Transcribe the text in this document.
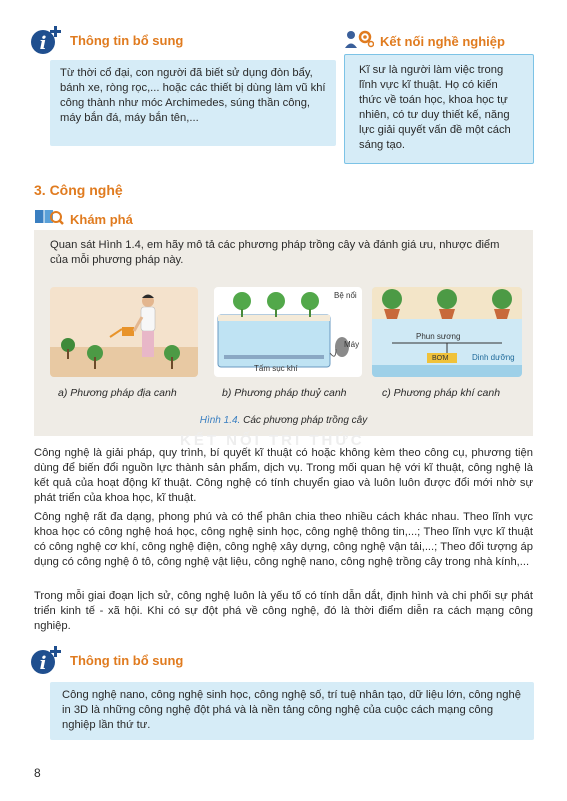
i Thông tin bổ sung
Từ thời cổ đại, con người đã biết sử dụng đòn bẩy, bánh xe, ròng rọc,... hoặc các thiết bị dùng làm vũ khí công thành như móc Archimedes, súng thần công, máy bắn đá, máy bắn tên,...
Kết nối nghề nghiệp
Kĩ sư là người làm việc trong lĩnh vực kĩ thuật. Họ có kiến thức về toán học, khoa học tự nhiên, có tư duy thiết kế, năng lực giải quyết vấn đề một cách sáng tạo.
3. Công nghệ
Khám phá
Quan sát Hình 1.4, em hãy mô tả các phương pháp trồng cây và đánh giá ưu, nhược điểm của mỗi phương pháp này.
Bệ nổi
Máy
Tấm sục khí
Phun sương
BƠM	Dinh dưỡng
a) Phương pháp địa canh	b) Phương pháp thuỷ canh	c) Phương pháp khí canh
Hình 1.4. Các phương pháp trồng cây
KẾT NỐI TRI THỨC
Công nghệ là giải pháp, quy trình, bí quyết kĩ thuật có hoặc không kèm theo công cụ, phương tiện dùng để biến đổi nguồn lực thành sản phẩm, dịch vụ. Trong mối quan hệ với kĩ thuật, công nghệ là kết quả của hoạt động kĩ thuật. Công nghệ có tính chuyển giao và luôn luôn được đổi mới nhờ sự phát triển của khoa học, kĩ thuật.
Công nghệ rất đa dạng, phong phú và có thể phân chia theo nhiều cách khác nhau. Theo lĩnh vực khoa học có công nghệ hoá học, công nghệ sinh học, công nghệ thông tin,...; Theo lĩnh vực kĩ thuật có công nghệ cơ khí, công nghệ điện, công nghệ xây dựng, công nghệ vận tải,...; Theo đối tượng áp dụng có công nghệ ô tô, công nghệ vật liệu, công nghệ nano, công nghệ trồng cây trong nhà kính,...
Trong mỗi giai đoạn lịch sử, công nghệ luôn là yếu tố có tính dẫn dắt, định hình và chi phối sự phát triển kinh tế - xã hội. Khi có sự đột phá về công nghệ, đó là thời điểm diễn ra cách mạng công nghiệp.
i Thông tin bổ sung
Công nghệ nano, công nghệ sinh học, công nghệ số, trí tuệ nhân tạo, dữ liệu lớn, công nghệ in 3D là những công nghệ đột phá và là nền tảng công nghệ của cuộc cách mạng công nghiệp lần thứ tư.
8
